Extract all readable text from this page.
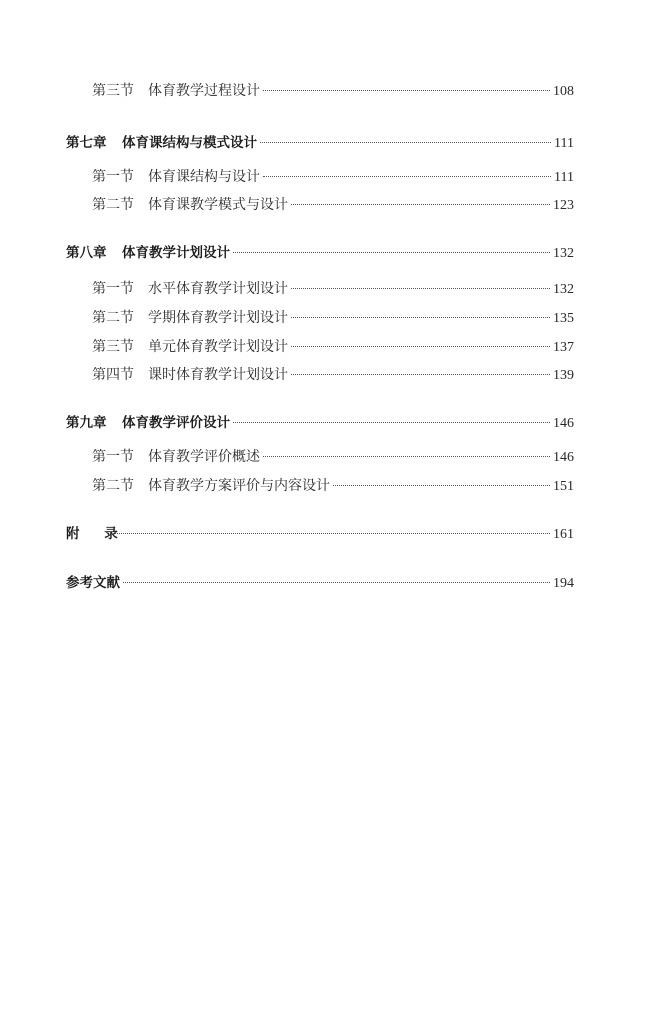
第三节	体育教学过程设计	108
第七章	体育课结构与模式设计	111
第一节	体育课结构与设计	111
第二节	体育课教学模式与设计	123
第八章	体育教学计划设计	132
第一节	水平体育教学计划设计	132
第二节	学期体育教学计划设计	135
第三节	单元体育教学计划设计	137
第四节	课时体育教学计划设计	139
第九章	体育教学评价设计	146
第一节	体育教学评价概述	146
第二节	体育教学方案评价与内容设计	151
附 录	161
参考文献	194
